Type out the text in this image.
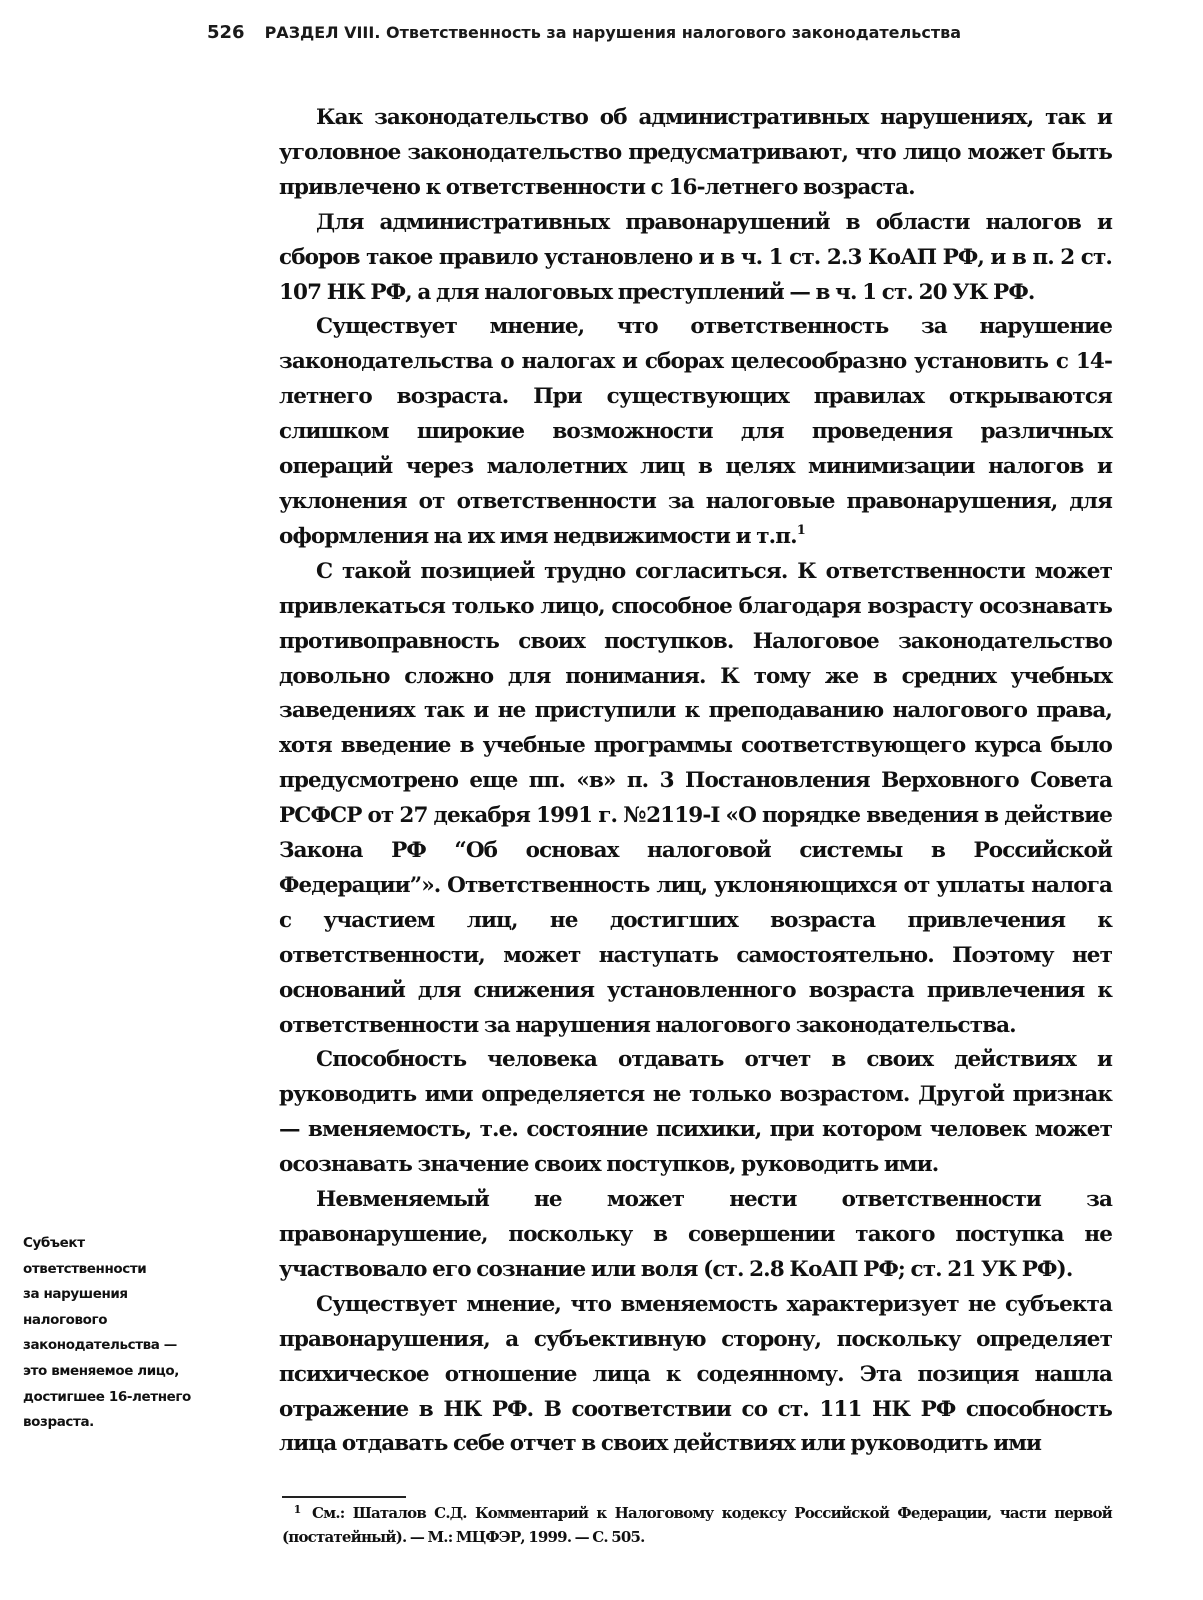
526 РАЗДЕЛ VIII. Ответственность за нарушения налогового законодательства

Как законодательство об административных нарушениях, так и уголовное законодательство предусматривают, что лицо может быть привлечено к ответственности с 16-летнего возраста.

Для административных правонарушений в области налогов и сборов такое правило установлено и в ч. 1 ст. 2.3 КоАП РФ, и в п. 2 ст. 107 НК РФ, а для налоговых преступлений — в ч. 1 ст. 20 УК РФ.

Существует мнение, что ответственность за нарушение законодательства о налогах и сборах целесообразно установить с 14-летнего возраста. При существующих правилах открываются слишком широкие возможности для проведения различных операций через малолетних лиц в целях минимизации налогов и уклонения от ответственности за налоговые правонарушения, для оформления на их имя недвижимости и т.п.$^1$

С такой позицией трудно согласиться. К ответственности может привлекаться только лицо, способное благодаря возрасту осознавать противоправность своих поступков. Налоговое законодательство довольно сложно для понимания. К тому же в средних учебных заведениях так и не приступили к преподаванию налогового права, хотя введение в учебные программы соответствующего курса было предусмотрено еще пп. «в» п. 3 Постановления Верховного Совета РСФСР от 27 декабря 1991 г. №2119-I «О порядке введения в действие Закона РФ “Об основах налоговой системы в Российской Федерации”». Ответственность лиц, уклоняющихся от уплаты налога с участием лиц, не достигших возраста привлечения к ответственности, может наступать самостоятельно. Поэтому нет оснований для снижения установленного возраста привлечения к ответственности за нарушения налогового законодательства.

Способность человека отдавать отчет в своих действиях и руководить ими определяется не только возрастом. Другой признак — вменяемость, т.е. состояние психики, при котором человек может осознавать значение своих поступков, руководить ими.

Невменяемый не может нести ответственности за правонарушение, поскольку в совершении такого поступка не участвовало его сознание или воля (ст. 2.8 КоАП РФ; ст. 21 УК РФ).

Существует мнение, что вменяемость характеризует не субъекта правонарушения, а субъективную сторону, поскольку определяет психическое отношение лица к содеянному. Эта позиция нашла отражение в НК РФ. В соответствии со ст. 111 НК РФ способность лица отдавать себе отчет в своих действиях или руководить ими

Субъект
ответственности
за нарушения
налогового
законодательства —
это вменяемое лицо,
достигшее 16-летнего
возраста.
1 См.: Шаталов С.Д. Комментарий к Налоговому кодексу Российской Федерации, части первой (постатейный). — М.: МЦФЭР, 1999. — С. 505.
